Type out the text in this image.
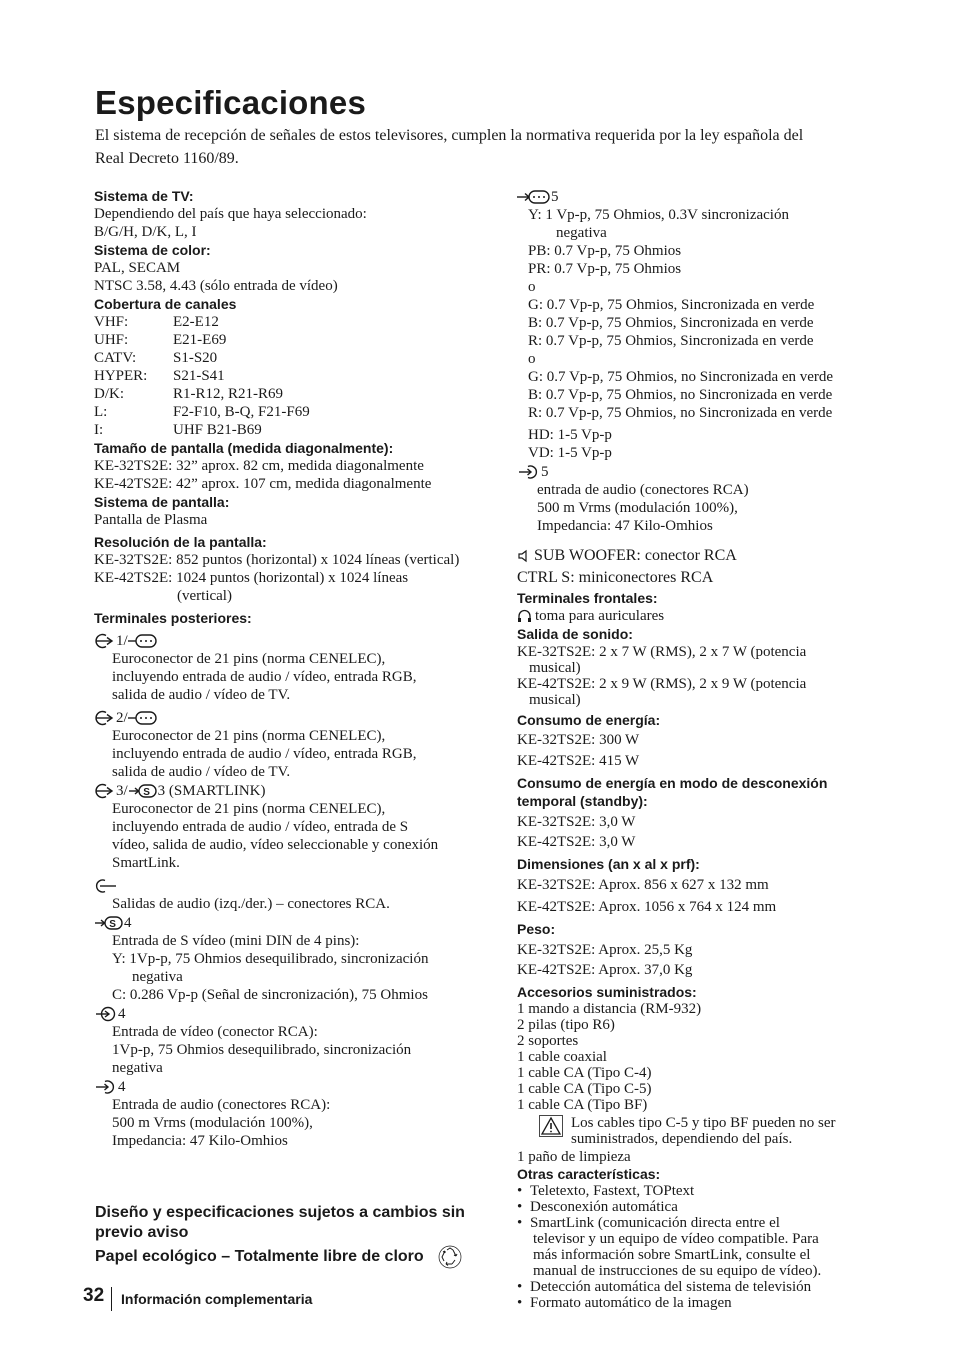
Especificaciones

El sistema de recepción de señales de estos televisores, cumplen la normativa requerida por la ley española del Real Decreto 1160/89.

Sistema de TV:
Dependiendo del país que haya seleccionado:
B/G/H, D/K, L, I
Sistema de color:
PAL, SECAM
NTSC 3.58, 4.43 (sólo entrada de vídeo)
Cobertura de canales
VHF:	E2-E12
UHF:	E21-E69
CATV:	S1-S20
HYPER:	S21-S41
D/K:	R1-R12, R21-R69
L:	F2-F10, B-Q, F21-F69
I:	UHF B21-B69
Tamaño de pantalla (medida diagonalmente):
KE-32TS2E: 32” aprox. 82 cm, medida diagonalmente
KE-42TS2E: 42” aprox. 107 cm, medida diagonalmente
Sistema de pantalla:
Pantalla de Plasma
Resolución de la pantalla:
KE-32TS2E: 852 puntos (horizontal) x 1024 líneas (vertical)
KE-42TS2E: 1024 puntos (horizontal) x 1024 líneas
(vertical)
Terminales posteriores:
1/
Euroconector de 21 pins (norma CENELEC),
incluyendo entrada de audio / vídeo, entrada RGB,
salida de audio / vídeo de TV.
2/
Euroconector de 21 pins (norma CENELEC),
incluyendo entrada de audio / vídeo, entrada RGB,
salida de audio / vídeo de TV.
3/ S 3 (SMARTLINK)
Euroconector de 21 pins (norma CENELEC),
incluyendo entrada de audio / vídeo, entrada de S
vídeo, salida de audio, vídeo seleccionable y conexión
SmartLink.
Salidas de audio (izq./der.) – conectores RCA.
S 4
Entrada de S vídeo (mini DIN de 4 pins):
Y: 1Vp-p, 75 Ohmios desequilibrado, sincronización
negativa
C: 0.286 Vp-p (Señal de sincronización), 75 Ohmios
4
Entrada de vídeo (conector RCA):
1Vp-p, 75 Ohmios desequilibrado, sincronización
negativa
4
Entrada de audio (conectores RCA):
500 m Vrms (modulación 100%),
Impedancia: 47 Kilo-Omhios
5
Y: 1 Vp-p, 75 Ohmios, 0.3V sincronización
negativa
PB: 0.7 Vp-p, 75 Ohmios
PR: 0.7 Vp-p, 75 Ohmios
o
G: 0.7 Vp-p, 75 Ohmios, Sincronizada en verde
B: 0.7 Vp-p, 75 Ohmios, Sincronizada en verde
R: 0.7 Vp-p, 75 Ohmios, Sincronizada en verde
o
G: 0.7 Vp-p, 75 Ohmios, no Sincronizada en verde
B: 0.7 Vp-p, 75 Ohmios, no Sincronizada en verde
R: 0.7 Vp-p, 75 Ohmios, no Sincronizada en verde
HD: 1-5 Vp-p
VD: 1-5 Vp-p
5
entrada de audio (conectores RCA)
500 m Vrms (modulación 100%),
Impedancia: 47 Kilo-Omhios
SUB WOOFER: conector RCA
CTRL S: miniconectores RCA
Terminales frontales:
toma para auriculares
Salida de sonido:
KE-32TS2E: 2 x 7 W (RMS), 2 x 7 W (potencia
musical)
KE-42TS2E: 2 x 9 W (RMS), 2 x 9 W (potencia
musical)
Consumo de energía:
KE-32TS2E: 300 W
KE-42TS2E: 415 W
Consumo de energía en modo de desconexión
temporal (standby):
KE-32TS2E: 3,0 W
KE-42TS2E: 3,0 W
Dimensiones (an x al x prf):
KE-32TS2E: Aprox. 856 x 627 x 132 mm
KE-42TS2E: Aprox. 1056 x 764 x 124 mm
Peso:
KE-32TS2E: Aprox. 25,5 Kg
KE-42TS2E: Aprox. 37,0 Kg
Accesorios suministrados:
1 mando a distancia (RM-932)
2 pilas (tipo R6)
2 soportes
1 cable coaxial
1 cable CA (Tipo C-4)
1 cable CA (Tipo C-5)
1 cable CA (Tipo BF)
Los cables tipo C-5 y tipo BF pueden no ser
suministrados, dependiendo del país.
1 paño de limpieza
Otras características:
• Teletexto, Fastext, TOPtext
• Desconexión automática
• SmartLink (comunicación directa entre el
televisor y un equipo de vídeo compatible. Para
más información sobre SmartLink, consulte el
manual de instrucciones de su equipo de vídeo).
• Detección automática del sistema de televisión
• Formato automático de la imagen
Diseño y especificaciones sujetos a cambios sin previo aviso
Papel ecológico – Totalmente libre de cloro
32 Información complementaria
